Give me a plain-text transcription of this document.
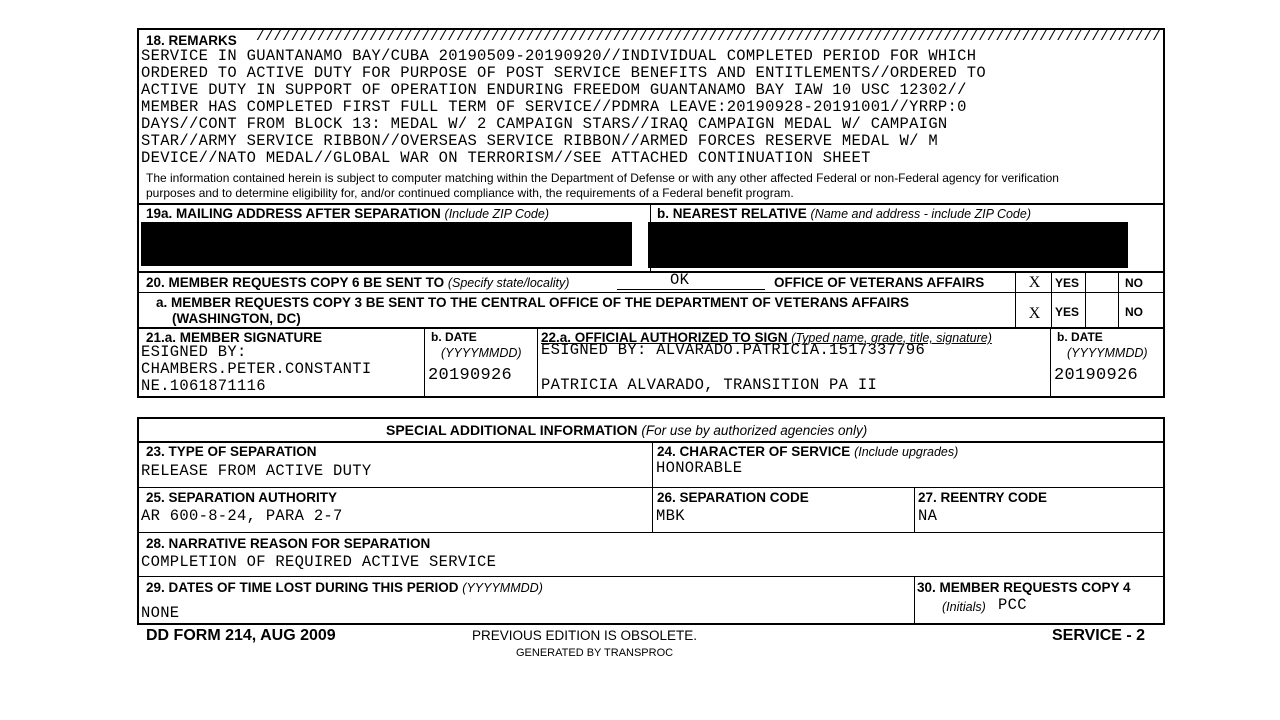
18. REMARKS ////////////////////////////////////////////////////////////////////////////////////////////////////////
SERVICE IN GUANTANAMO BAY/CUBA 20190509-20190920//INDIVIDUAL COMPLETED PERIOD FOR WHICH
ORDERED TO ACTIVE DUTY FOR PURPOSE OF POST SERVICE BENEFITS AND ENTITLEMENTS//ORDERED TO
ACTIVE DUTY IN SUPPORT OF OPERATION ENDURING FREEDOM GUANTANAMO BAY IAW 10 USC 12302//
MEMBER HAS COMPLETED FIRST FULL TERM OF SERVICE//PDMRA LEAVE:20190928-20191001//YRRP:0
DAYS//CONT FROM BLOCK 13: MEDAL W/ 2 CAMPAIGN STARS//IRAQ CAMPAIGN MEDAL W/ CAMPAIGN
STAR//ARMY SERVICE RIBBON//OVERSEAS SERVICE RIBBON//ARMED FORCES RESERVE MEDAL W/ M
DEVICE//NATO MEDAL//GLOBAL WAR ON TERRORISM//SEE ATTACHED CONTINUATION SHEET
The information contained herein is subject to computer matching within the Department of Defense or with any other affected Federal or non-Federal agency for verification
purposes and to determine eligibility for, and/or continued compliance with, the requirements of a Federal benefit program.
19a. MAILING ADDRESS AFTER SEPARATION (Include ZIP Code)	b. NEAREST RELATIVE (Name and address - include ZIP Code)
20. MEMBER REQUESTS COPY 6 BE SENT TO (Specify state/locality)	OK	OFFICE OF VETERANS AFFAIRS	X	YES	NO
a. MEMBER REQUESTS COPY 3 BE SENT TO THE CENTRAL OFFICE OF THE DEPARTMENT OF VETERANS AFFAIRS
(WASHINGTON, DC)	X	YES	NO
21.a. MEMBER SIGNATURE
ESIGNED BY:
CHAMBERS.PETER.CONSTANTI
NE.1061871116
b. DATE
(YYYYMMDD)
20190926
22.a. OFFICIAL AUTHORIZED TO SIGN (Typed name, grade, title, signature)
ESIGNED BY: ALVARADO.PATRICIA.1517337796
PATRICIA ALVARADO, TRANSITION PA II
b. DATE
(YYYYMMDD)
20190926
SPECIAL ADDITIONAL INFORMATION (For use by authorized agencies only)
23. TYPE OF SEPARATION
RELEASE FROM ACTIVE DUTY
24. CHARACTER OF SERVICE (Include upgrades)
HONORABLE
25. SEPARATION AUTHORITY
AR 600-8-24, PARA 2-7
26. SEPARATION CODE
MBK
27. REENTRY CODE
NA
28. NARRATIVE REASON FOR SEPARATION
COMPLETION OF REQUIRED ACTIVE SERVICE
29. DATES OF TIME LOST DURING THIS PERIOD (YYYYMMDD)
NONE
30. MEMBER REQUESTS COPY 4
(Initials) PCC
DD FORM 214, AUG 2009	PREVIOUS EDITION IS OBSOLETE.
GENERATED BY TRANSPROC
SERVICE - 2
